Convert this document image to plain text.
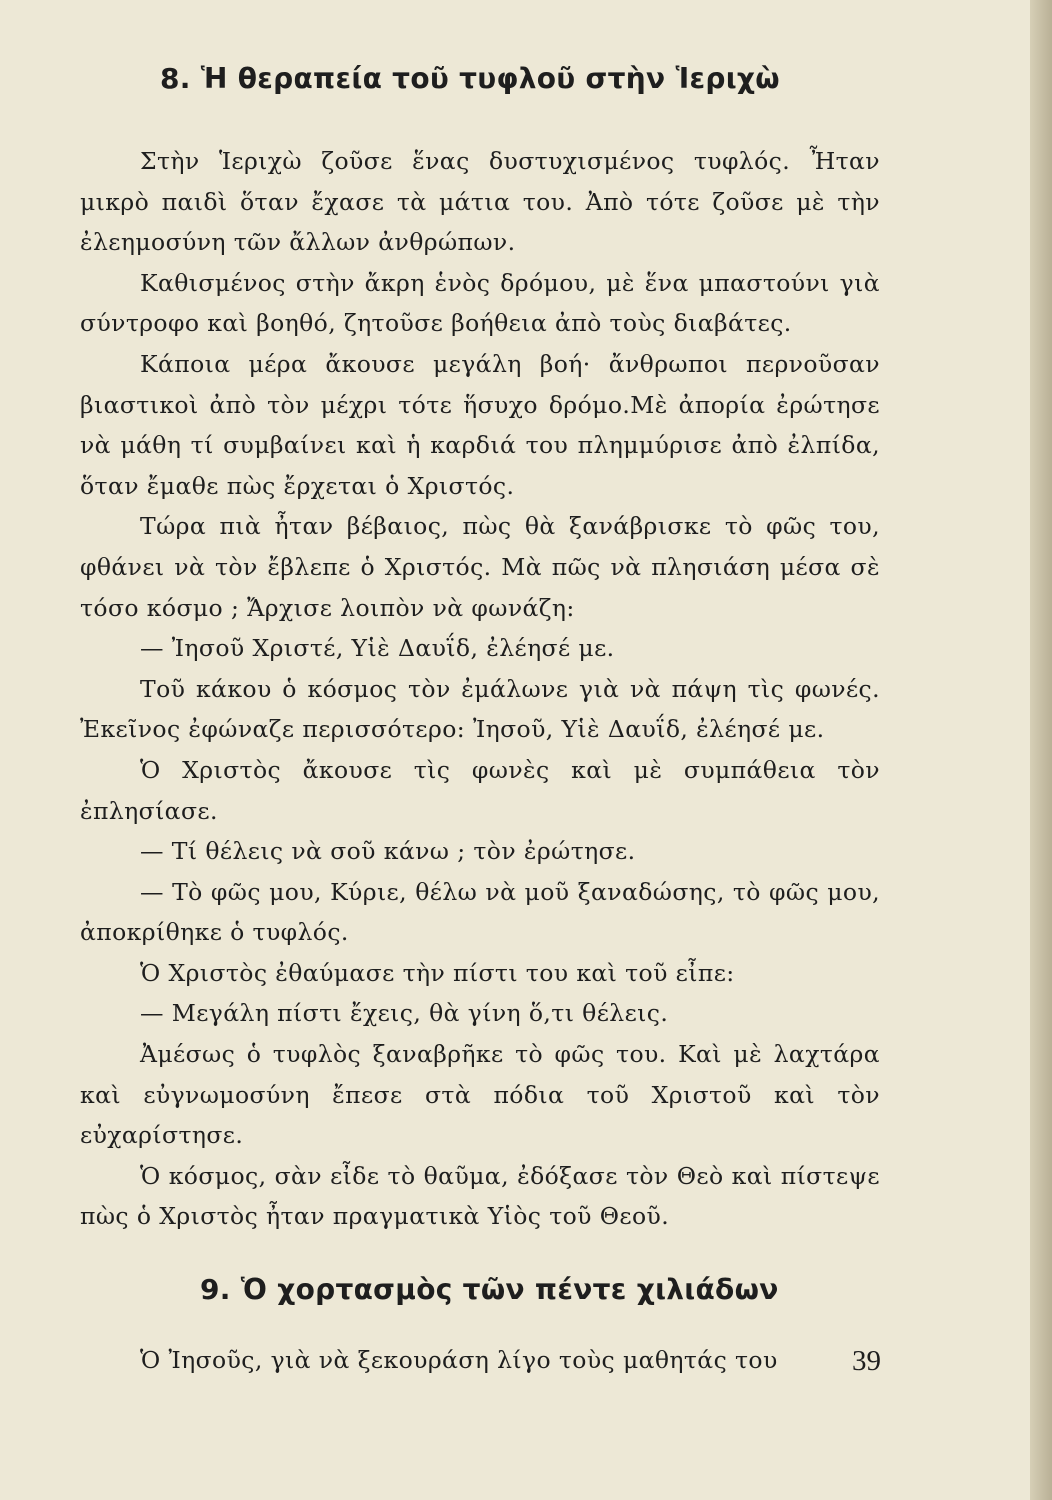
8. Ἡ θεραπεία τοῦ τυφλοῦ στὴν Ἱεριχὼ

Στὴν Ἱεριχὼ ζοῦσε ἕνας δυστυχισμένος τυφλός. Ἦταν μικρὸ παιδὶ ὅταν ἔχασε τὰ μάτια του. Ἀπὸ τότε ζοῦσε μὲ τὴν ἐλεημοσύνη τῶν ἄλλων ἀνθρώπων.

Καθισμένος στὴν ἄκρη ἑνὸς δρόμου, μὲ ἕνα μπαστούνι γιὰ σύντροφο καὶ βοηθό, ζητοῦσε βοήθεια ἀπὸ τοὺς διαβάτες.

Κάποια μέρα ἄκουσε μεγάλη βοή· ἄνθρωποι περνοῦσαν βιαστικοὶ ἀπὸ τὸν μέχρι τότε ἥσυχο δρόμο.Μὲ ἀπορία ἐρώτησε νὰ μάθη τί συμβαίνει καὶ ἡ καρδιά του πλημμύρισε ἀπὸ ἐλπίδα, ὅταν ἔμαθε πὼς ἔρχεται ὁ Χριστός.

Τώρα πιὰ ἦταν βέβαιος, πὼς θὰ ξανάβρισκε τὸ φῶς του, φθάνει νὰ τὸν ἔβλεπε ὁ Χριστός. Μὰ πῶς νὰ πλησιάση μέσα σὲ τόσο κόσμο ; Ἄρχισε λοιπὸν νὰ φωνάζη:

— Ἰησοῦ Χριστέ, Υἱὲ Δαυΐδ, ἐλέησέ με.

Τοῦ κάκου ὁ κόσμος τὸν ἐμάλωνε γιὰ νὰ πάψη τὶς φωνές. Ἐκεῖνος ἐφώναζε περισσότερο: Ἰησοῦ, Υἱὲ Δαυΐδ, ἐλέησέ με.

Ὁ Χριστὸς ἄκουσε τὶς φωνὲς καὶ μὲ συμπάθεια τὸν ἐπλησίασε.

— Τί θέλεις νὰ σοῦ κάνω ; τὸν ἐρώτησε.

— Τὸ φῶς μου, Κύριε, θέλω νὰ μοῦ ξαναδώσης, τὸ φῶς μου, ἀποκρίθηκε ὁ τυφλός.

Ὁ Χριστὸς ἐθαύμασε τὴν πίστι του καὶ τοῦ εἶπε:

— Μεγάλη πίστι ἔχεις, θὰ γίνη ὅ,τι θέλεις.

Ἀμέσως ὁ τυφλὸς ξαναβρῆκε τὸ φῶς του. Καὶ μὲ λαχτάρα καὶ εὐγνωμοσύνη ἔπεσε στὰ πόδια τοῦ Χριστοῦ καὶ τὸν εὐχαρίστησε.

Ὁ κόσμος, σὰν εἶδε τὸ θαῦμα, ἐδόξασε τὸν Θεὸ καὶ πίστεψε πὼς ὁ Χριστὸς ἦταν πραγματικὰ Υἱὸς τοῦ Θεοῦ.

9. Ὁ χορτασμὸς τῶν πέντε χιλιάδων

Ὁ Ἰησοῦς, γιὰ νὰ ξεκουράση λίγο τοὺς μαθητάς του	39
